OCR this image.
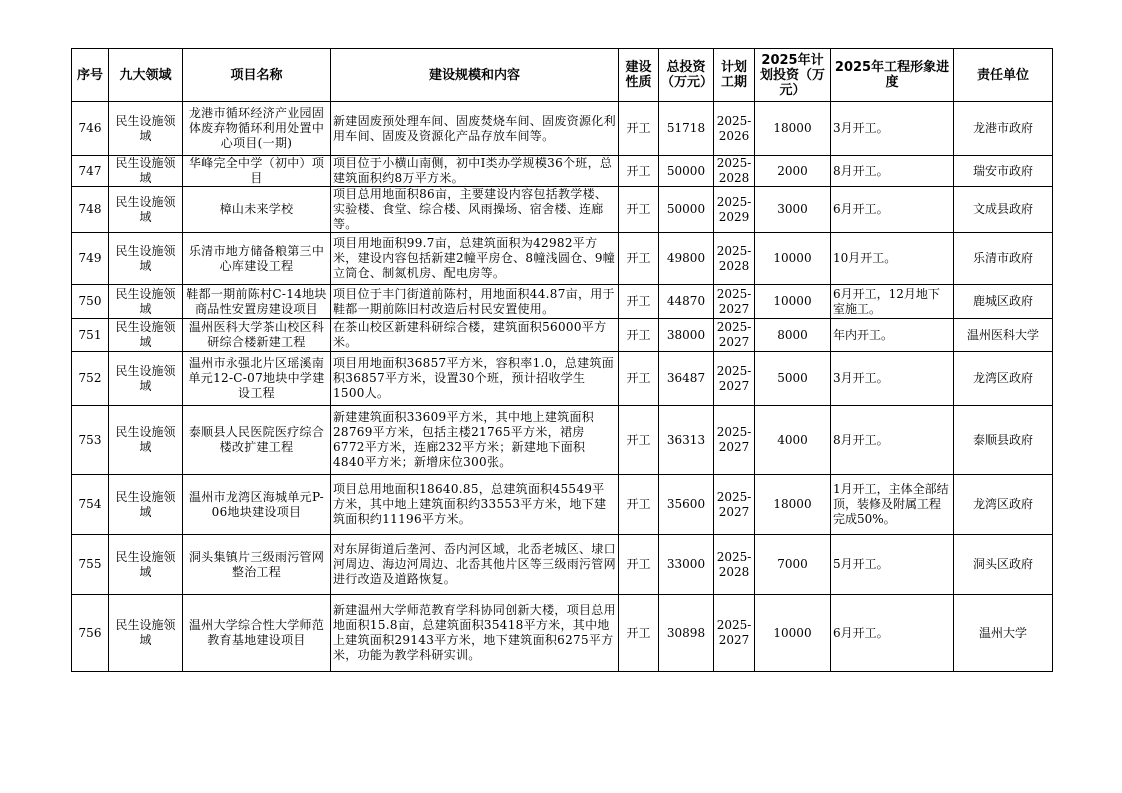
序号	九大领域	项目名称	建设规模和内容	建设性质	总投资（万元）	计划工期	2025年计划投资（万元）	2025年工程形象进度	责任单位
746	民生设施领域	龙港市循环经济产业园固体废弃物循环利用处置中心项目(一期)	新建固废预处理车间、固废焚烧车间、固废资源化利用车间、固废及资源化产品存放车间等。	开工	51718	2025-2026	18000	3月开工。	龙港市政府
747	民生设施领域	华峰完全中学（初中）项目	项目位于小横山南侧，初中I类办学规模36个班，总建筑面积约8万平方米。	开工	50000	2025-2028	2000	8月开工。	瑞安市政府
748	民生设施领域	樟山未来学校	项目总用地面积86亩，主要建设内容包括教学楼、实验楼、食堂、综合楼、风雨操场、宿舍楼、连廊等。	开工	50000	2025-2029	3000	6月开工。	文成县政府
749	民生设施领域	乐清市地方储备粮第三中心库建设工程	项目用地面积99.7亩，总建筑面积为42982平方米，建设内容包括新建2幢平房仓、8幢浅圆仓、9幢立筒仓、制氮机房、配电房等。	开工	49800	2025-2028	10000	10月开工。	乐清市政府
750	民生设施领域	鞋都一期前陈村C-14地块商品性安置房建设项目	项目位于丰门街道前陈村，用地面积44.87亩，用于鞋都一期前陈旧村改造后村民安置使用。	开工	44870	2025-2027	10000	6月开工，12月地下室施工。	鹿城区政府
751	民生设施领域	温州医科大学茶山校区科研综合楼新建工程	在茶山校区新建科研综合楼，建筑面积56000平方米。	开工	38000	2025-2027	8000	年内开工。	温州医科大学
752	民生设施领域	温州市永强北片区瑶溪南单元12-C-07地块中学建设工程	项目用地面积36857平方米，容积率1.0，总建筑面积36857平方米，设置30个班，预计招收学生1500人。	开工	36487	2025-2027	5000	3月开工。	龙湾区政府
753	民生设施领域	泰顺县人民医院医疗综合楼改扩建工程	新建建筑面积33609平方米，其中地上建筑面积28769平方米，包括主楼21765平方米，裙房6772平方米，连廊232平方米；新建地下面积4840平方米；新增床位300张。	开工	36313	2025-2027	4000	8月开工。	泰顺县政府
754	民生设施领域	温州市龙湾区海城单元P-06地块建设项目	项目总用地面积18640.85，总建筑面积45549平方米，其中地上建筑面积约33553平方米，地下建筑面积约11196平方米。	开工	35600	2025-2027	18000	1月开工，主体全部结顶，装修及附属工程完成50%。	龙湾区政府
755	民生设施领域	洞头集镇片三级雨污管网整治工程	对东屏街道后垄河、岙内河区域，北岙老城区、埭口河周边、海边河周边、北岙其他片区等三级雨污管网进行改造及道路恢复。	开工	33000	2025-2028	7000	5月开工。	洞头区政府
756	民生设施领域	温州大学综合性大学师范教育基地建设项目	新建温州大学师范教育学科协同创新大楼，项目总用地面积15.8亩，总建筑面积35418平方米，其中地上建筑面积29143平方米，地下建筑面积6275平方米，功能为教学科研实训。	开工	30898	2025-2027	10000	6月开工。	温州大学
